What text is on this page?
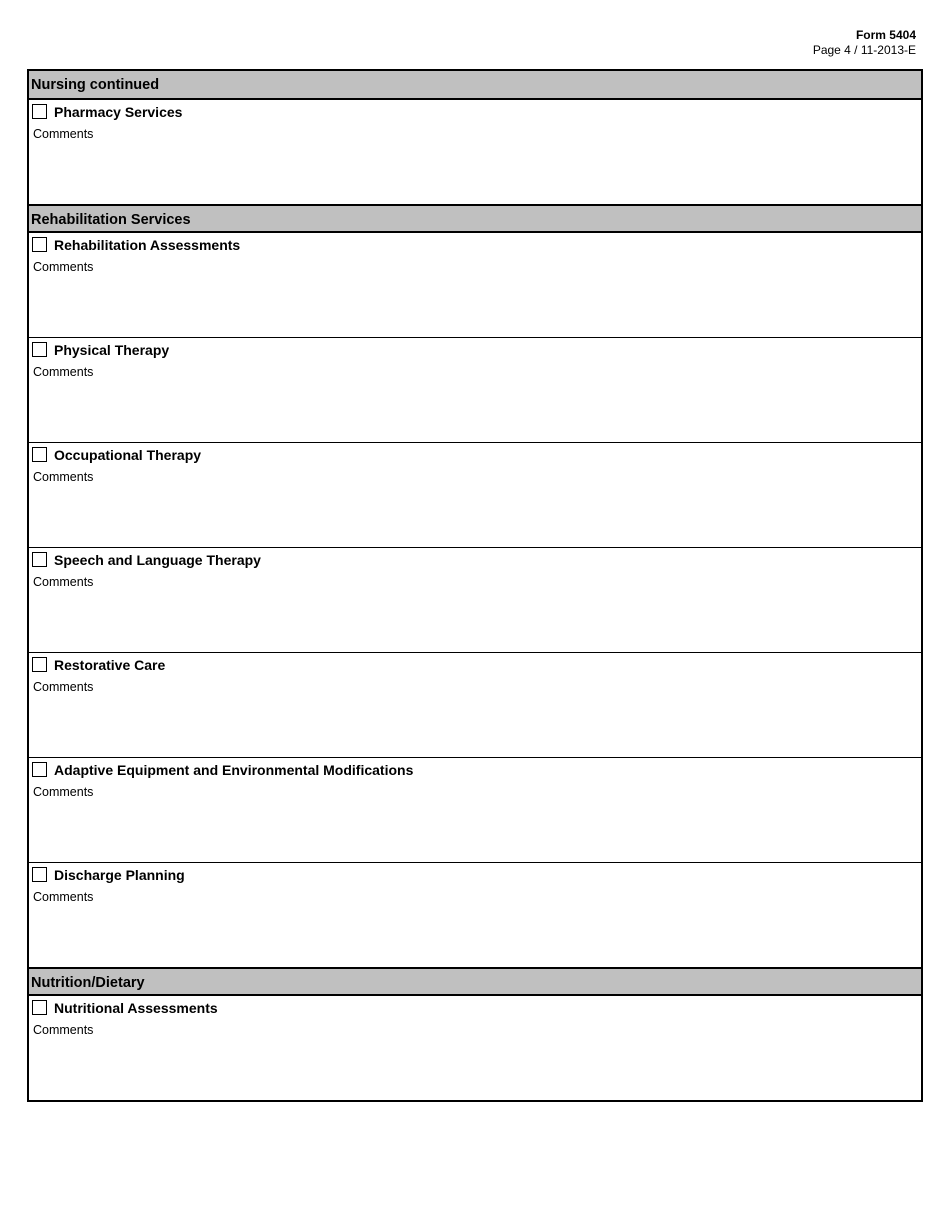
Form 5404
Page 4 / 11-2013-E
Nursing continued
Pharmacy Services
Comments
Rehabilitation Services
Rehabilitation Assessments
Comments
Physical Therapy
Comments
Occupational Therapy
Comments
Speech and Language Therapy
Comments
Restorative Care
Comments
Adaptive Equipment and Environmental Modifications
Comments
Discharge Planning
Comments
Nutrition/Dietary
Nutritional Assessments
Comments
